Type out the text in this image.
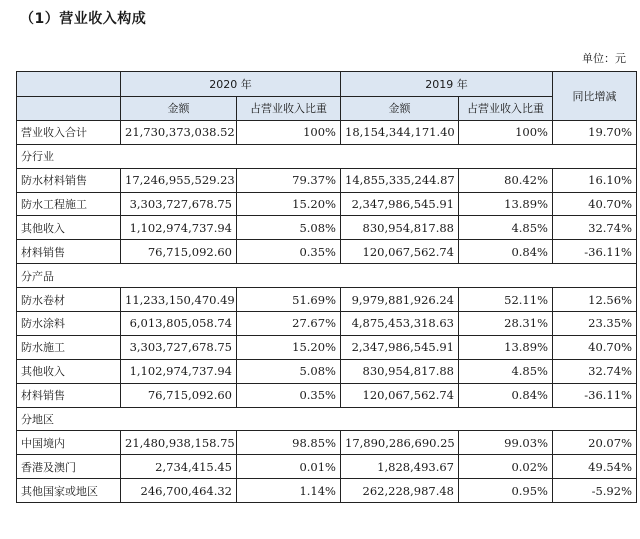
（1）营业收入构成
单位：元
	2020 年		2019 年		同比增减
	金额	占营业收入比重	金额	占营业收入比重	
营业收入合计	21,730,373,038.52	100%	18,154,344,171.40	100%	19.70%
分行业					
防水材料销售	17,246,955,529.23	79.37%	14,855,335,244.87	80.42%	16.10%
防水工程施工	3,303,727,678.75	15.20%	2,347,986,545.91	13.89%	40.70%
其他收入	1,102,974,737.94	5.08%	830,954,817.88	4.85%	32.74%
材料销售	76,715,092.60	0.35%	120,067,562.74	0.84%	-36.11%
分产品					
防水卷材	11,233,150,470.49	51.69%	9,979,881,926.24	52.11%	12.56%
防水涂料	6,013,805,058.74	27.67%	4,875,453,318.63	28.31%	23.35%
防水施工	3,303,727,678.75	15.20%	2,347,986,545.91	13.89%	40.70%
其他收入	1,102,974,737.94	5.08%	830,954,817.88	4.85%	32.74%
材料销售	76,715,092.60	0.35%	120,067,562.74	0.84%	-36.11%
分地区					
中国境内	21,480,938,158.75	98.85%	17,890,286,690.25	99.03%	20.07%
香港及澳门	2,734,415.45	0.01%	1,828,493.67	0.02%	49.54%
其他国家或地区	246,700,464.32	1.14%	262,228,987.48	0.95%	-5.92%
